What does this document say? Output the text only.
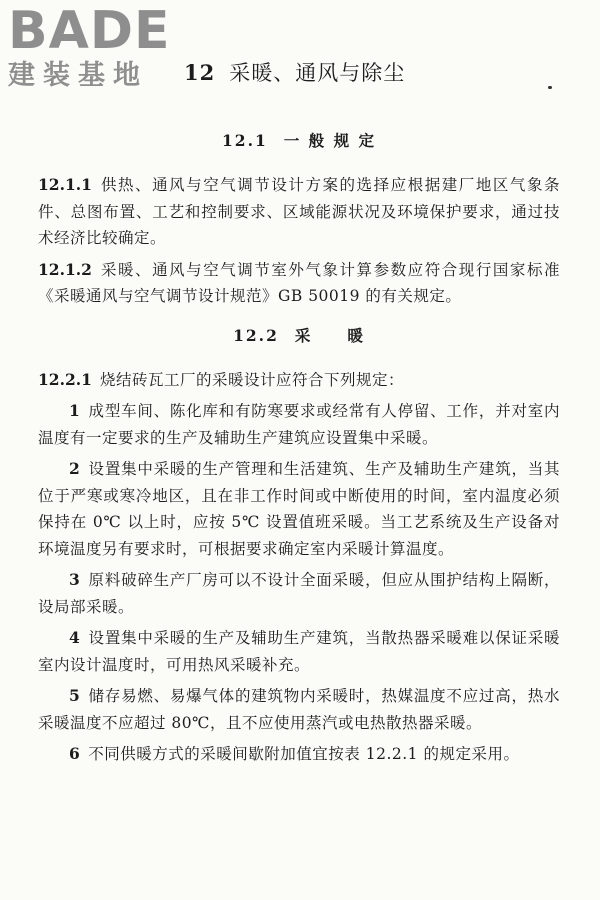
BADE
建装基地	12 采暖、通风与除尘
12.1 一 般 规 定

12.1.1 供热、通风与空气调节设计方案的选择应根据建厂地区气象条件、总图布置、工艺和控制要求、区域能源状况及环境保护要求，通过技术经济比较确定。

12.1.2 采暖、通风与空气调节室外气象计算参数应符合现行国家标准《采暖通风与空气调节设计规范》GB 50019 的有关规定。

12.2 采　　暖

12.2.1 烧结砖瓦工厂的采暖设计应符合下列规定：

1 成型车间、陈化库和有防寒要求或经常有人停留、工作，并对室内温度有一定要求的生产及辅助生产建筑应设置集中采暖。

2 设置集中采暖的生产管理和生活建筑、生产及辅助生产建筑，当其位于严寒或寒冷地区，且在非工作时间或中断使用的时间，室内温度必须保持在 0℃ 以上时，应按 5℃ 设置值班采暖。当工艺系统及生产设备对环境温度另有要求时，可根据要求确定室内采暖计算温度。

3 原料破碎生产厂房可以不设计全面采暖，但应从围护结构上隔断，设局部采暖。

4 设置集中采暖的生产及辅助生产建筑，当散热器采暖难以保证采暖室内设计温度时，可用热风采暖补充。

5 储存易燃、易爆气体的建筑物内采暖时，热媒温度不应过高，热水采暖温度不应超过 80℃，且不应使用蒸汽或电热散热器采暖。

6 不同供暖方式的采暖间歇附加值宜按表 12.2.1 的规定采用。
